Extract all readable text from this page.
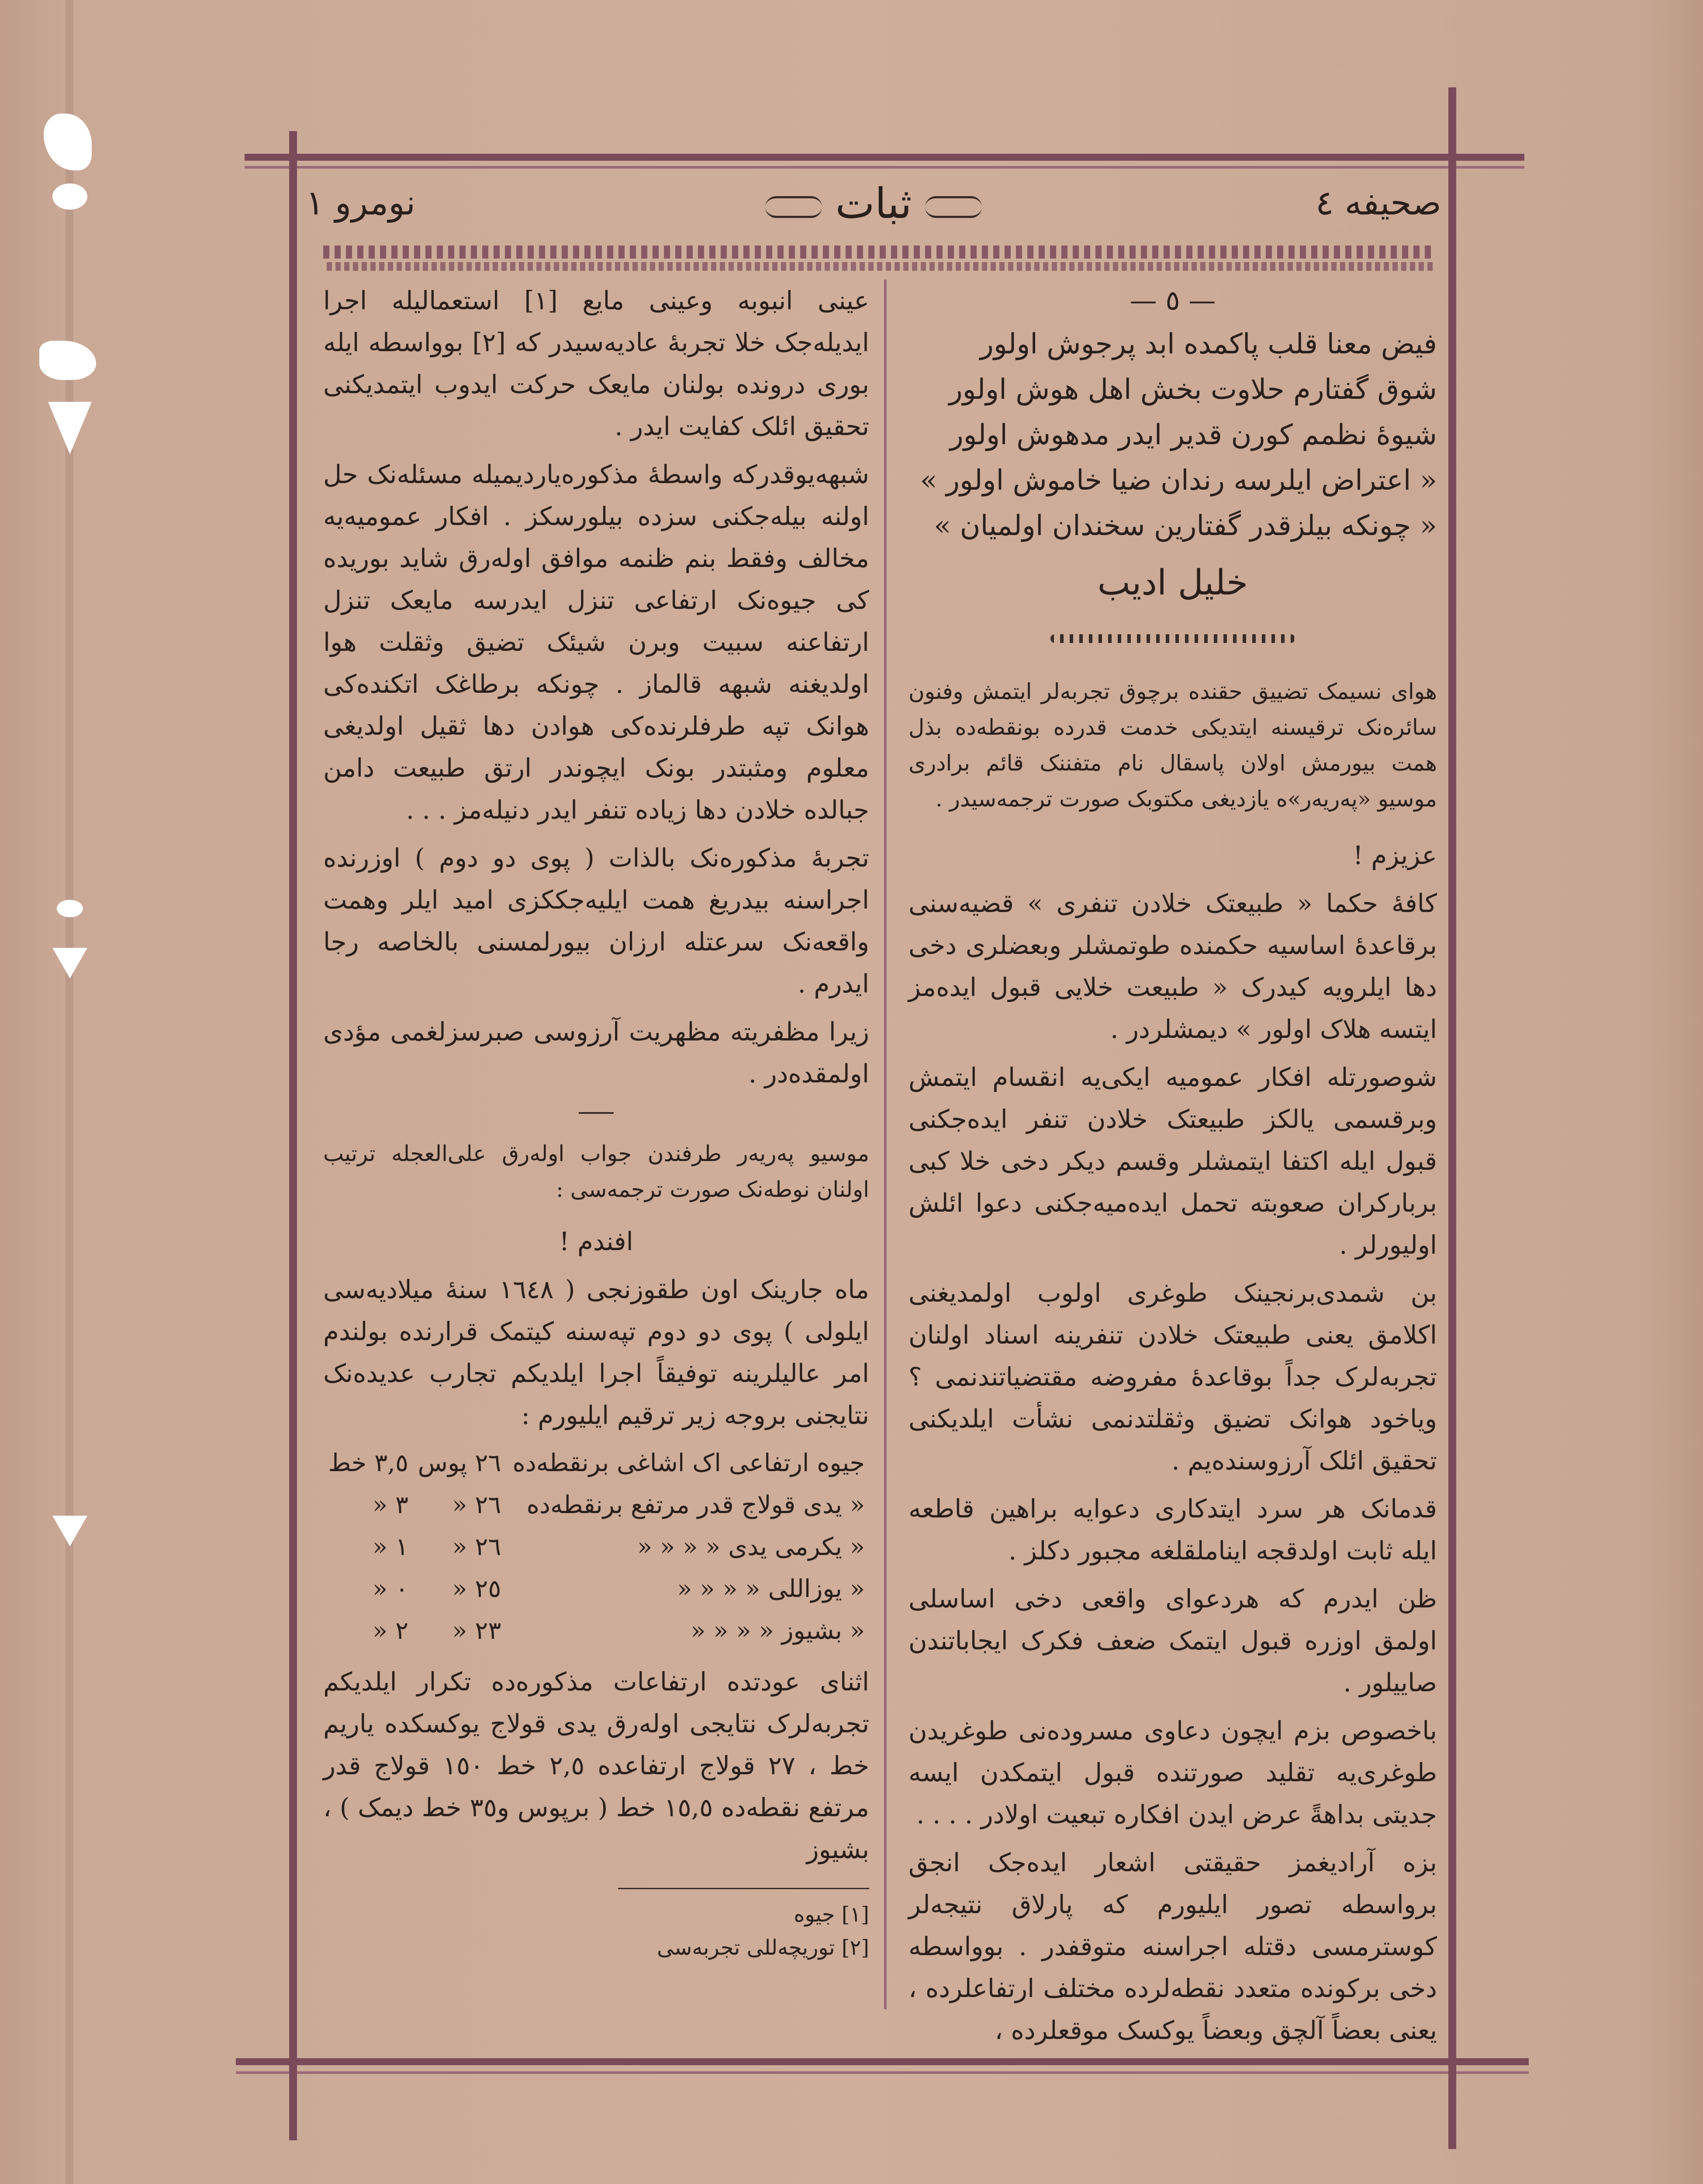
صحیفه ٤
ثبات
نومرو ١
— ٥ —

فیض معنا قلب پاکمده ابد پرجوش اولور

شوق گفتارم حلاوت بخش اهل هوش اولور

شیوهٔ نظمم کورن قدیر ایدر مدهوش اولور

« اعتراض ایلرسه رندان ضیا خاموش اولور »

« چونکه بیلزقدر گفتارین سخندان اولمیان »

خلیل ادیب

هوای نسیمک تضییق حقنده برچوق تجربه‌لر ایتمش وفنون سائره‌نک ترقیسنه ایتدیکی خدمت قدرده بونقطه‌ده بذل همت بیورمش اولان پاسقال نام متفننک قائم برادری موسیو «په‌ریه‌ر»ه یازدیغی مکتوبک صورت ترجمه‌سیدر .

عزیزم !

کافهٔ حکما « طبیعتک خلادن تنفری » قضیه‌سنی برقاعدهٔ اساسیه حکمنده طوتمشلر وبعضلری دخی دها ایلرویه کیدرک « طبیعت خلایی قبول ایده‌مز ایتسه هلاک اولور » دیمشلردر .

شوصورتله افکار عمومیه ایکی‌یه انقسام ایتمش وبرقسمی یالکز طبیعتک خلادن تنفر ایده‌جکنی قبول ایله اکتفا ایتمشلر وقسم دیکر دخی خلا کبی بربارکران صعوبته تحمل ایده‌میه‌جکنی دعوا ائلش اولیورلر .

بن شمدی‌برنجینک طوغری اولوب اولمدیغنی اکلامق یعنی طبیعتک خلادن تنفرینه اسناد اولنان تجربه‌لرک جداً بوقاعدهٔ مفروضه مقتضیاتندنمی ؟ وياخود هوانک تضیق وثقلتدنمی نشأت ایلدیکنی تحقیق ائلک آرزوسنده‌یم .

قدمانک هر سرد ایتدکاری دعوایه براهین قاطعه ایله ثابت اولدقجه ایناملقلغه مجبور دکلز .

ظن ایدرم که هردعوای واقعی دخی اساسلی اولمق اوزره قبول ایتمک ضعف فکرک ایجاباتندن صاییلور .

باخصوص بزم ایچون دعاوی مسروده‌نی طوغریدن طوغری‌یه تقلید صورتنده قبول ایتمکدن ایسه جدیتی بداهةً عرض ایدن افکاره تبعیت اولادر . . . .

بزه آرادیغمز حقیقتی اشعار ایده‌جک انجق برواسطه تصور ایلیورم که پارلاق نتیجه‌لر کوسترمسی دقتله اجراسنه متوقفدر . بوواسطه دخی برکونده متعدد نقطه‌لرده مختلف ارتفاعلرده ، یعنی بعضاً آلچق وبعضاً یوکسک موقعلرده ،

عینی انبوبه وعینی مایع [١] استعمالیله اجرا ایدیله‌جک خلا تجربهٔ عادیه‌سیدر که [٢] بوواسطه ایله بوری درونده بولنان مایعک حرکت ایدوب ایتمدیکنی تحقیق ائلک کفایت ایدر .

شبهه‌یوقدرکه واسطهٔ مذکوره‌یاردیمیله مسئله‌نک حل اولنه بیله‌جکنی سزده بیلورسکز . افکار عمومیه‌یه مخالف وفقط بنم ظنمه موافق اوله‌رق شاید بوریده کی جیوه‌نک ارتفاعی تنزل ایدرسه مایعک تنزل ارتفاعنه سبیت وبرن شیئک تضیق وثقلت هوا اولدیغنه شبهه قالماز . چونکه برطاغک اتکنده‌کی هوانک تپه طرفلرنده‌کی هوادن دها ثقیل اولدیغی معلوم ومثبتدر بونک ایچوندر ارتق طبیعت دامن جبالده خلادن دها زیاده تنفر ایدر دنیله‌مز . . .

تجربهٔ مذکوره‌نک بالذات ( پوی دو دوم ) اوزرنده اجراسنه بیدریغ همت ایلیه‌جککزی امید ایلر وهمت واقعه‌نک سرعتله ارزان بیورلمسنی بالخاصه رجا ایدرم .

زیرا مظفریته مظهریت آرزوسی صبرسزلغمی مؤدی اولمقده‌در .

موسیو په‌ریه‌ر طرفندن جواب اوله‌رق علی‌العجله ترتیب اولنان نوطه‌نک صورت ترجمه‌سی :

افندم !

ماه جارینک اون طقوزنجی ( ١٦٤٨ سنهٔ میلادیه‌سی ایلولی ) پوی دو دوم تپه‌سنه کیتمک قرارنده بولندم امر عالیلرینه توفیقاً اجرا ایلدیکم تجارب عدیده‌نک نتایجنی بروجه زیر ترقیم ایلیورم :

جیوه ارتفاعی اک اشاغی برنقطه‌ده	٢٦ پوس	٣,٥ خط
« یدی قولاج قدر مرتفع برنقطه‌ده	٢٦ «	٣ «
« یکرمی یدی « « « «	٢٦ «	١ «
« یوزاللی « « « «	٢٥ «	٠ «
« بشیوز « « « «	٢٣ «	٢ «

اثنای عودتده ارتفاعات مذکوره‌ده تکرار ایلدیکم تجربه‌لرک نتایجی اوله‌رق یدی قولاج یوکسکده یاریم خط ، ٢٧ قولاج ارتفاعده ٢,٥ خط ١٥٠ قولاج قدر مرتفع نقطه‌ده ١٥,٥ خط ( برپوس و٣٥ خط دیمک ) ، بشیوز

[١] جیوه
[٢] توریچه‌للی تجربه‌سی
